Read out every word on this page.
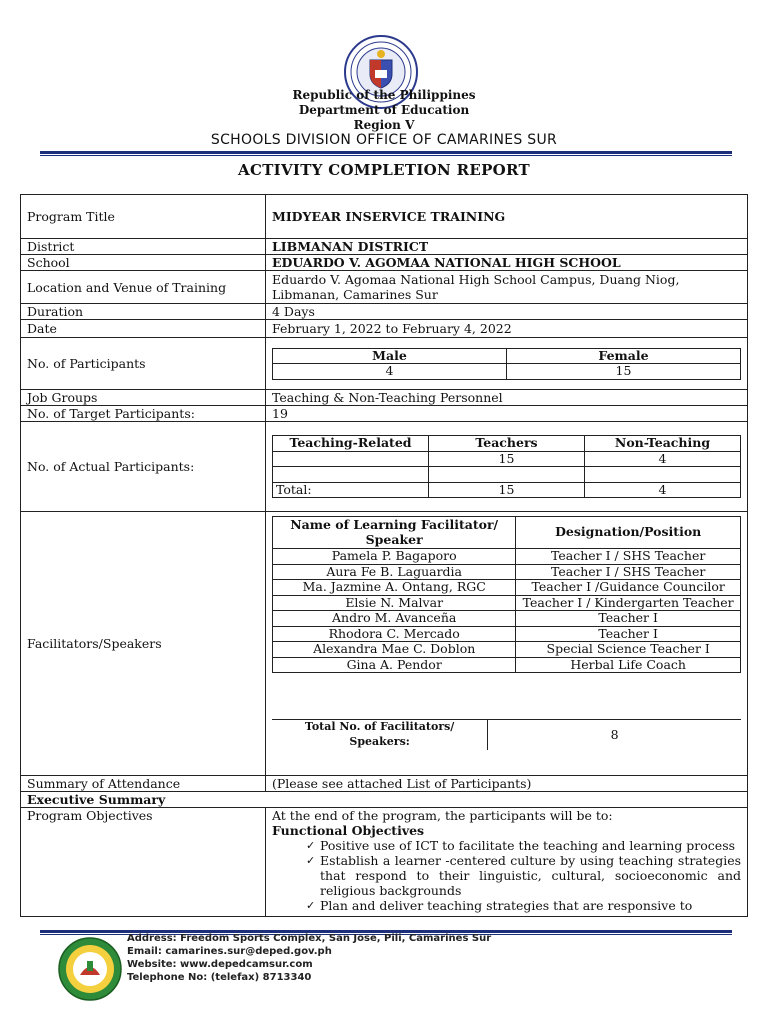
Republic of the Philippines
Department of Education
Region V
SCHOOLS DIVISION OFFICE OF CAMARINES SUR
ACTIVITY COMPLETION REPORT
Program Title	MIDYEAR INSERVICE TRAINING
District	LIBMANAN DISTRICT
School	EDUARDO V. AGOMAA NATIONAL HIGH SCHOOL
Location and Venue of Training	Eduardo V. Agomaa National High School Campus, Duang Niog, Libmanan, Camarines Sur
Duration	4 Days
Date	February 1, 2022 to February 4, 2022
No. of Participants	
Male	Female
4	15

Job Groups	Teaching & Non-Teaching Personnel
No. of Target Participants:	19
No. of Actual Participants:	
Teaching-Related	Teachers	Non-Teaching
	15	4

Total:	15	4

Facilitators/Speakers	
Name of Learning Facilitator/ Speaker	Designation/Position
Pamela P. Bagaporo	Teacher I / SHS Teacher
Aura Fe B. Laguardia	Teacher I / SHS Teacher
Ma. Jazmine A. Ontang, RGC	Teacher I /Guidance Councilor
Elsie N. Malvar	Teacher I / Kindergarten Teacher
Andro M. Avanceña	Teacher I
Rhodora C. Mercado	Teacher I
Alexandra Mae C. Doblon	Special Science Teacher I
Gina A. Pendor	Herbal Life Coach
Total No. of Facilitators/ Speakers:	8

Summary of Attendance	(Please see attached List of Participants)
Executive Summary
Program Objectives	At the end of the program, the participants will be to:
Functional Objectives
✓ Positive use of ICT to facilitate the teaching and learning process
✓ Establish a learner -centered culture by using teaching strategies that respond to their linguistic, cultural, socioeconomic and religious backgrounds
✓ Plan and deliver teaching strategies that are responsive to
Address: Freedom Sports Complex, San Jose, Pili, Camarines Sur
Email: camarines.sur@deped.gov.ph
Website: www.depedcamsur.com
Telephone No: (telefax) 8713340
